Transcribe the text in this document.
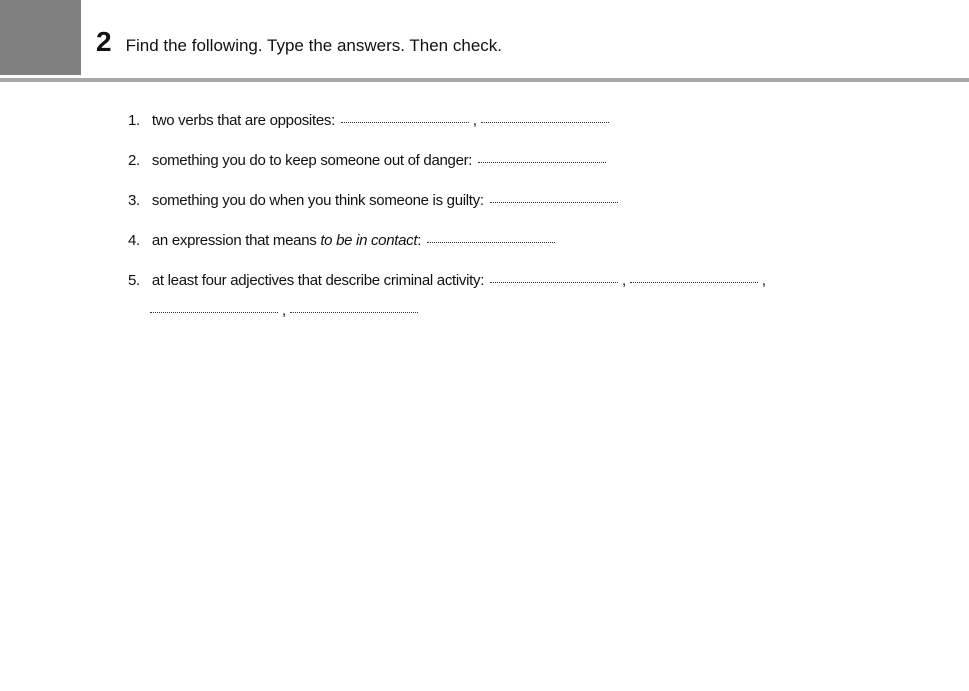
2 Find the following. Type the answers. Then check.
1. two verbs that are opposites:	,
2. something you do to keep someone out of danger:
3. something you do when you think someone is guilty:
4. an expression that means to be in contact:
5. at least four adjectives that describe criminal activity:	,	,
,
